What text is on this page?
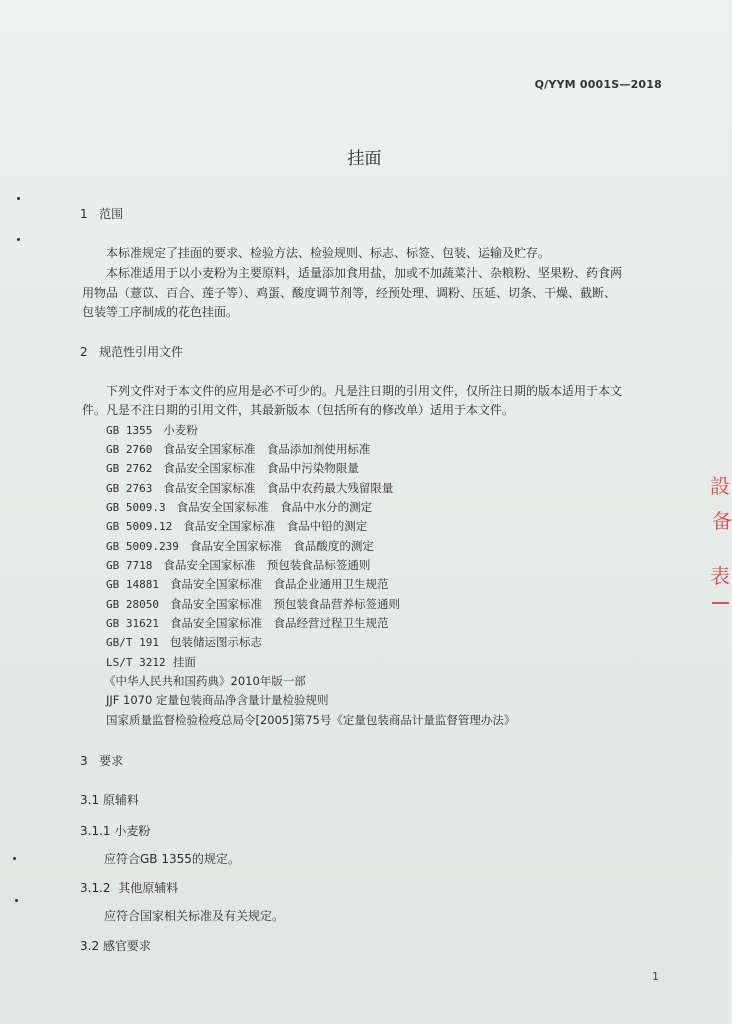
Q/YYM 0001S—2018
挂面
1 范围
本标准规定了挂面的要求、检验方法、检验规则、标志、标签、包装、运输及贮存。
本标准适用于以小麦粉为主要原料，适量添加食用盐，加或不加蔬菜汁、杂粮粉、坚果粉、药食两
用物品（薏苡、百合、莲子等）、鸡蛋、酸度调节剂等，经预处理、调粉、压延、切条、干燥、截断、
包装等工序制成的花色挂面。
2 规范性引用文件
下列文件对于本文件的应用是必不可少的。凡是注日期的引用文件，仅所注日期的版本适用于本文
件。凡是不注日期的引用文件，其最新版本（包括所有的修改单）适用于本文件。
GB 1355 小麦粉
GB 2760 食品安全国家标准　食品添加剂使用标准
GB 2762 食品安全国家标准　食品中污染物限量
GB 2763 食品安全国家标准　食品中农药最大残留限量
GB 5009.3 食品安全国家标准　食品中水分的测定
GB 5009.12 食品安全国家标准　食品中铅的测定
GB 5009.239 食品安全国家标准　食品酸度的测定
GB 7718 食品安全国家标准　预包装食品标签通则
GB 14881 食品安全国家标准　食品企业通用卫生规范
GB 28050 食品安全国家标准　预包装食品营养标签通则
GB 31621 食品安全国家标准　食品经营过程卫生规范
GB/T 191 包装储运图示标志
LS/T 3212 挂面
《中华人民共和国药典》2010年版一部
JJF 1070 定量包装商品净含量计量检验规则
国家质量监督检验检疫总局令[2005]第75号《定量包装商品计量监督管理办法》
3 要求
3.1 原辅料
3.1.1 小麦粉
应符合GB 1355的规定。
3.1.2 其他原辅料
应符合国家相关标准及有关规定。
3.2 感官要求
1
設
备
表
